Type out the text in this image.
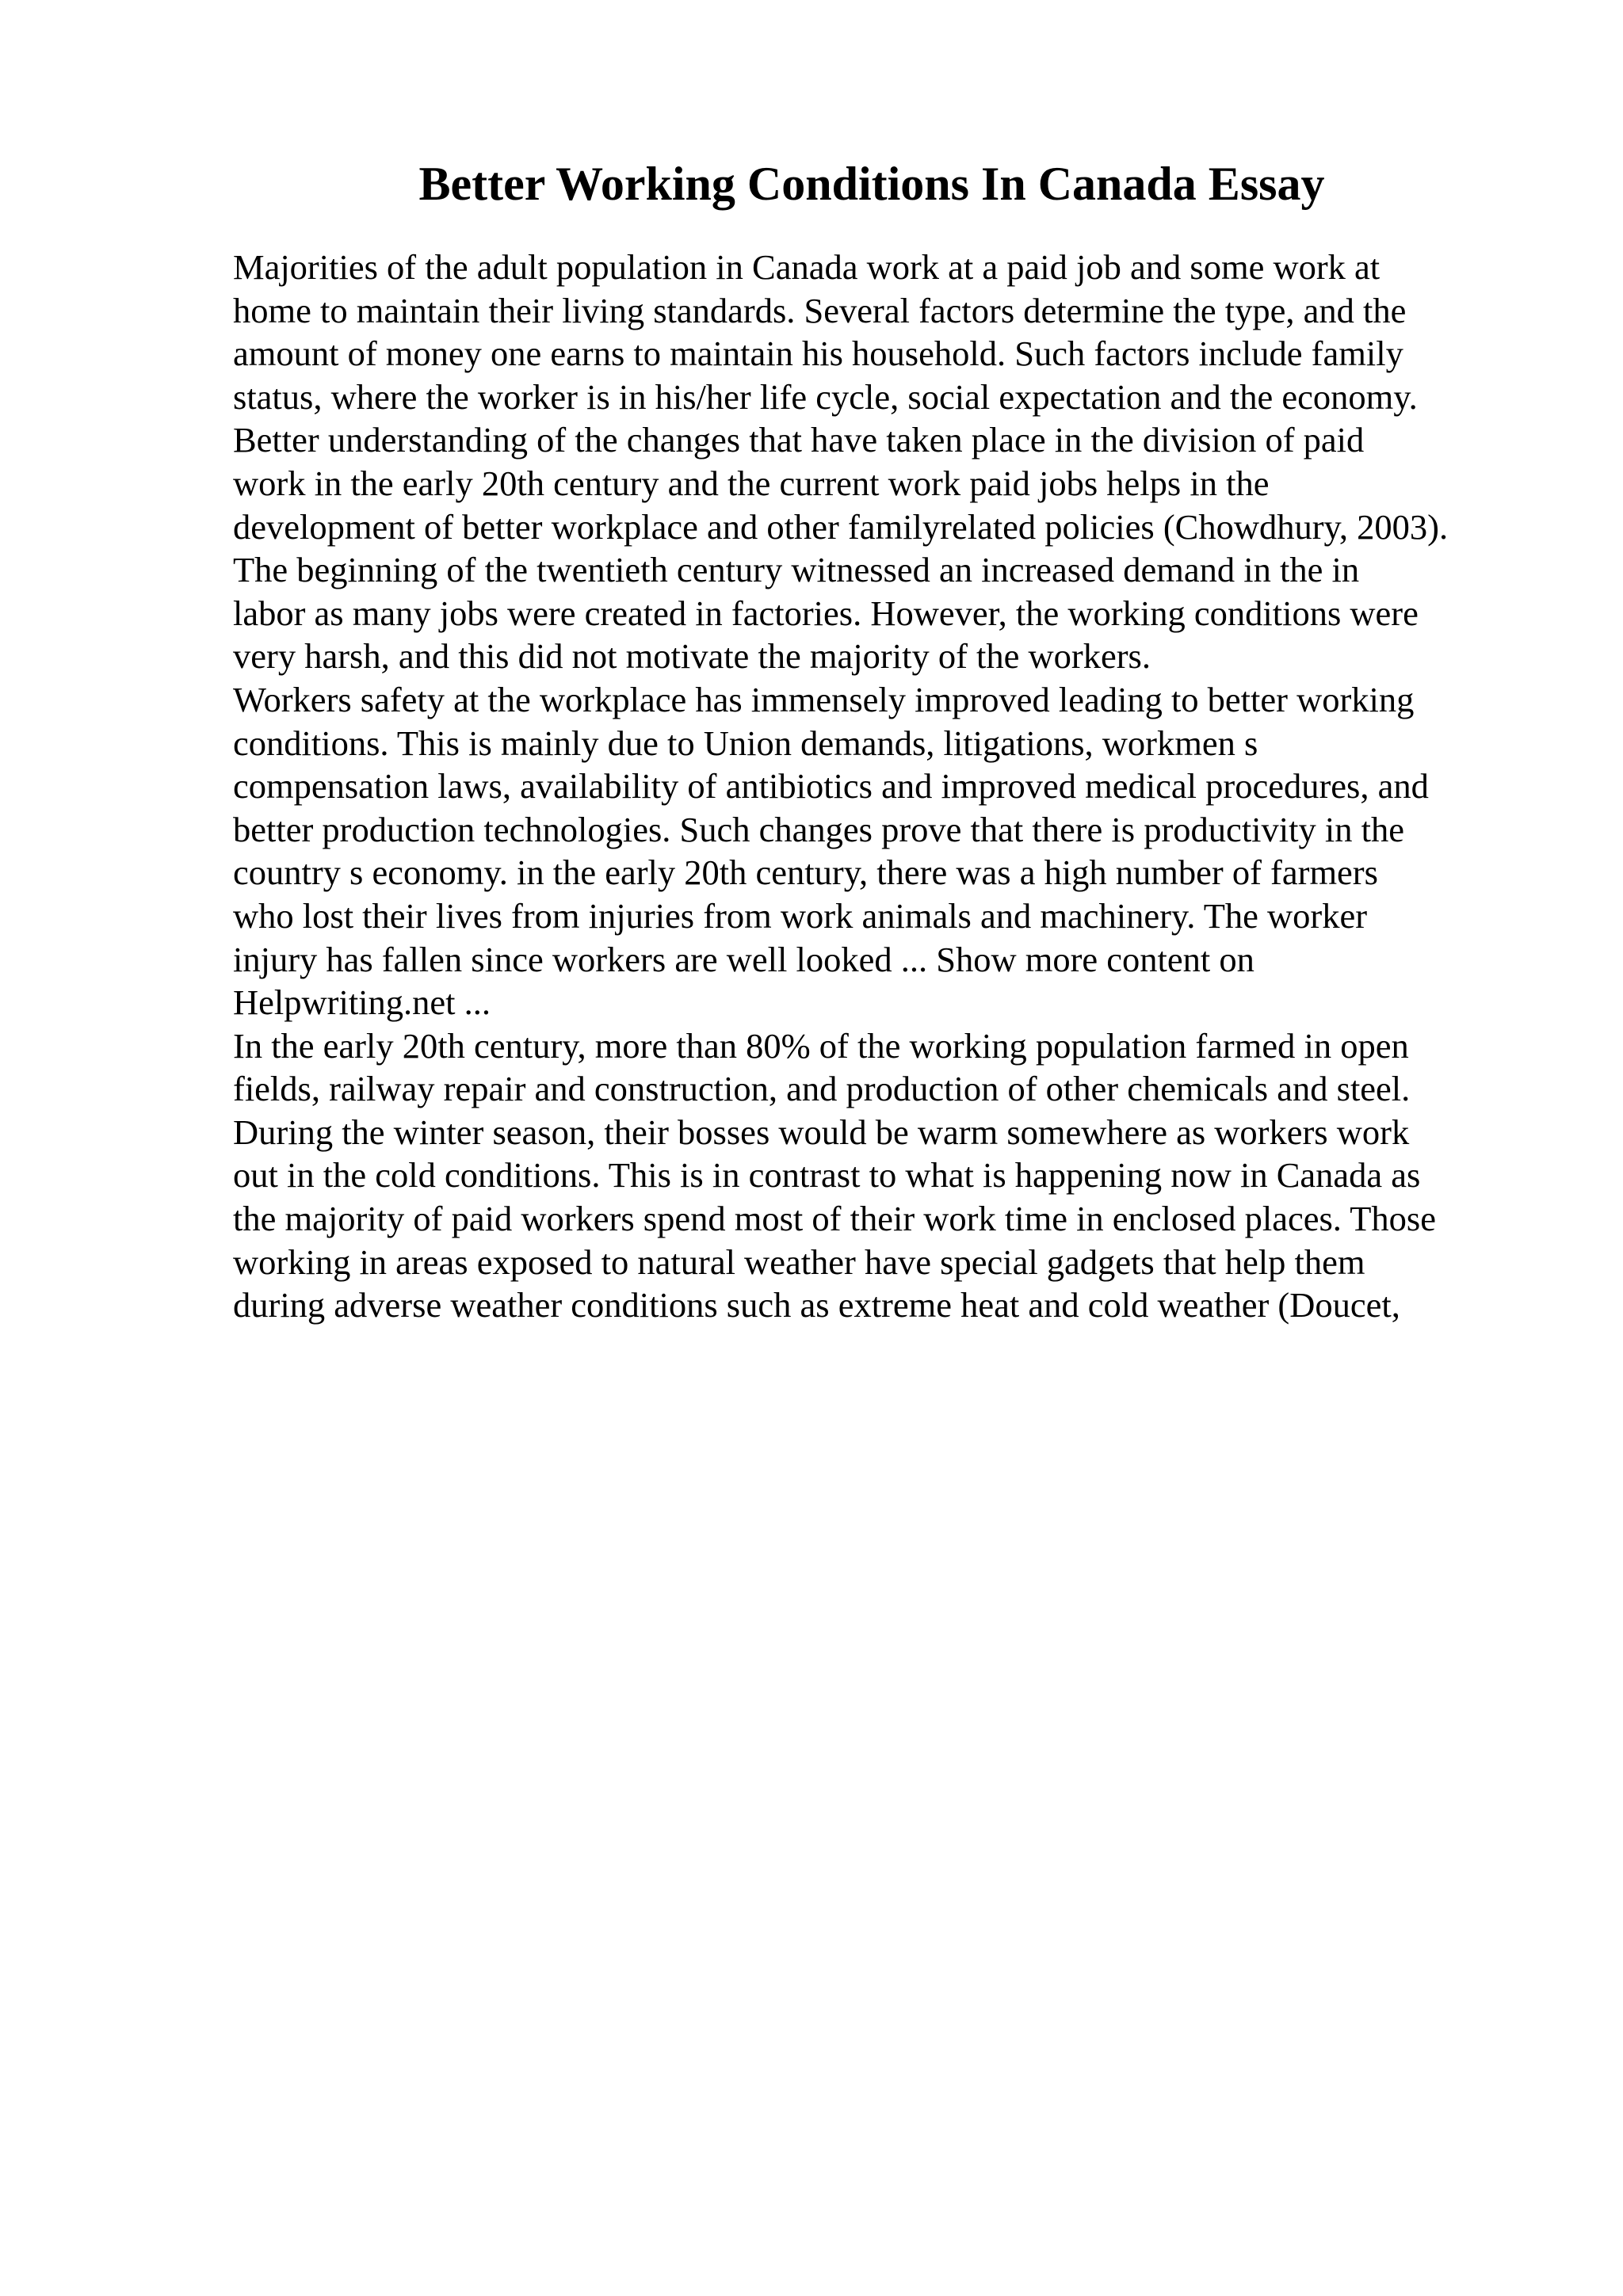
Better Working Conditions In Canada Essay
Majorities of the adult population in Canada work at a paid job and some work at
home to maintain their living standards. Several factors determine the type, and the
amount of money one earns to maintain his household. Such factors include family
status, where the worker is in his/her life cycle, social expectation and the economy.
Better understanding of the changes that have taken place in the division of paid
work in the early 20th century and the current work paid jobs helps in the
development of better workplace and other familyrelated policies (Chowdhury, 2003).
The beginning of the twentieth century witnessed an increased demand in the in
labor as many jobs were created in factories. However, the working conditions were
very harsh, and this did not motivate the majority of the workers.
Workers safety at the workplace has immensely improved leading to better working
conditions. This is mainly due to Union demands, litigations, workmen s
compensation laws, availability of antibiotics and improved medical procedures, and
better production technologies. Such changes prove that there is productivity in the
country s economy. in the early 20th century, there was a high number of farmers
who lost their lives from injuries from work animals and machinery. The worker
injury has fallen since workers are well looked ... Show more content on
Helpwriting.net ...
In the early 20th century, more than 80% of the working population farmed in open
fields, railway repair and construction, and production of other chemicals and steel.
During the winter season, their bosses would be warm somewhere as workers work
out in the cold conditions. This is in contrast to what is happening now in Canada as
the majority of paid workers spend most of their work time in enclosed places. Those
working in areas exposed to natural weather have special gadgets that help them
during adverse weather conditions such as extreme heat and cold weather (Doucet,
